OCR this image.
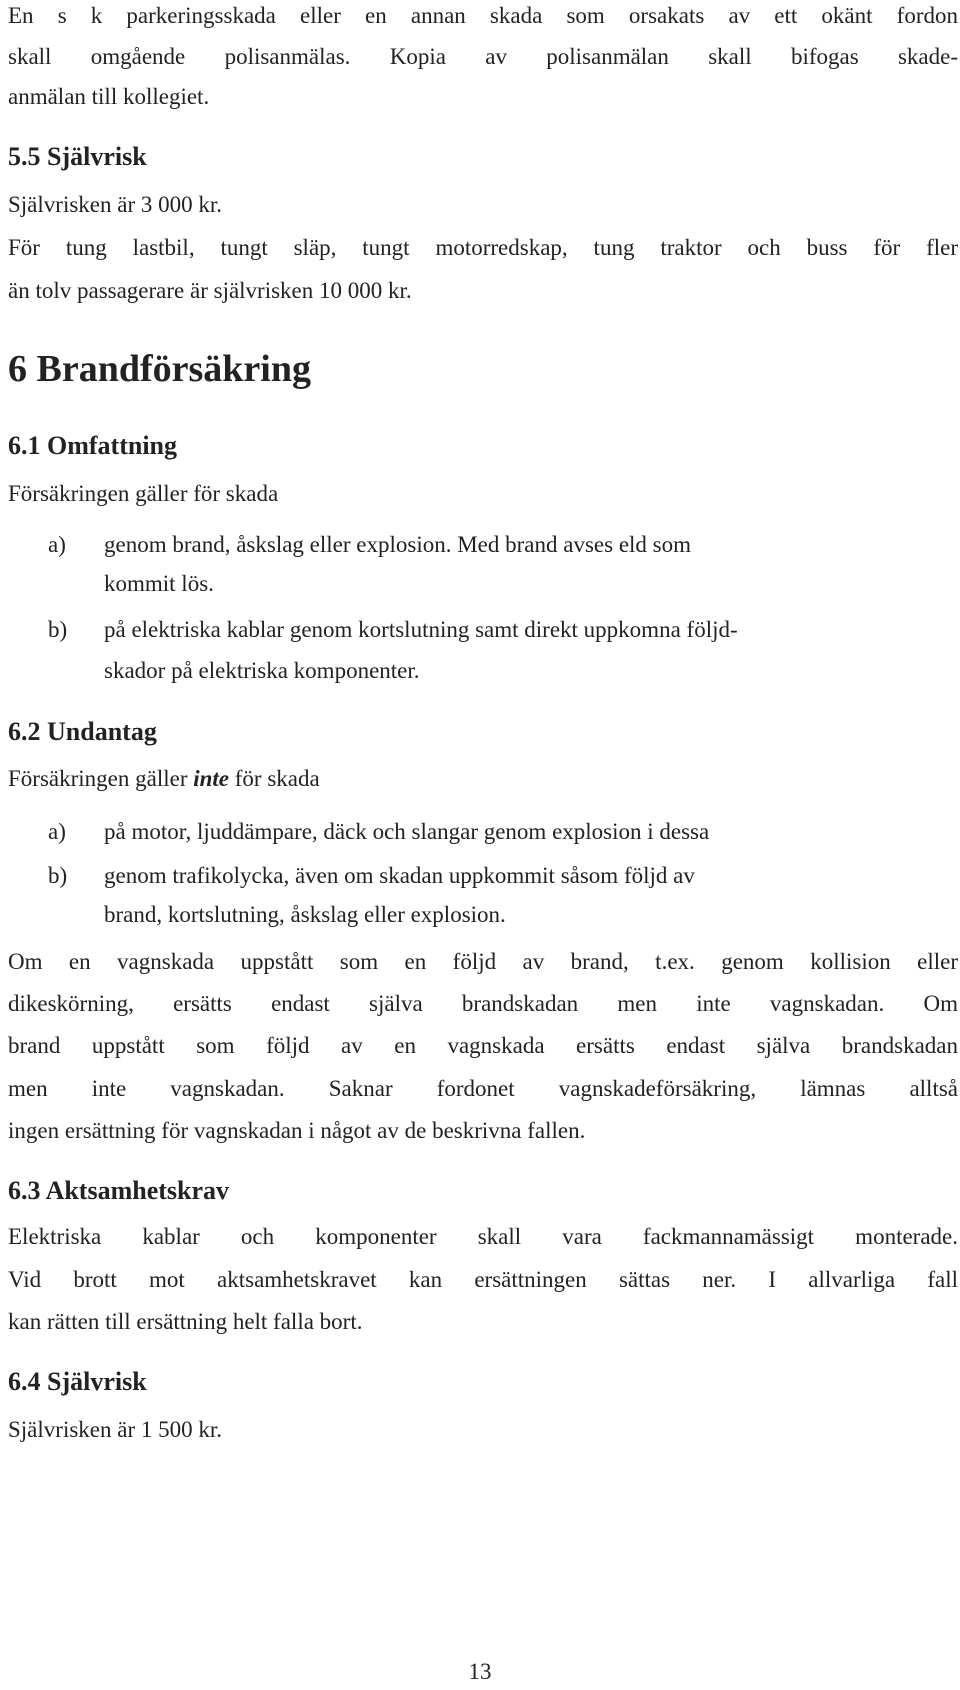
En s k parkeringsskada eller en annan skada som orsakats av ett okänt fordon
skall omgående polisanmälas. Kopia av polisanmälan skall bifogas skade-
anmälan till kollegiet.
5.5 Självrisk
Självrisken är 3 000 kr.
För tung lastbil, tungt släp, tungt motorredskap, tung traktor och buss för fler
än tolv passagerare är självrisken 10 000 kr.
6 Brandförsäkring
6.1 Omfattning
Försäkringen gäller för skada
a) genom brand, åskslag eller explosion. Med brand avses eld som
kommit lös.
b) på elektriska kablar genom kortslutning samt direkt uppkomna följd-
skador på elektriska komponenter.
6.2 Undantag
Försäkringen gäller inte för skada
a) på motor, ljuddämpare, däck och slangar genom explosion i dessa
b) genom trafikolycka, även om skadan uppkommit såsom följd av
brand, kortslutning, åskslag eller explosion.
Om en vagnskada uppstått som en följd av brand, t.ex. genom kollision eller
dikeskörning, ersätts endast själva brandskadan men inte vagnskadan. Om
brand uppstått som följd av en vagnskada ersätts endast själva brandskadan
men inte vagnskadan. Saknar fordonet vagnskadeförsäkring, lämnas alltså
ingen ersättning för vagnskadan i något av de beskrivna fallen.
6.3 Aktsamhetskrav
Elektriska kablar och komponenter skall vara fackmannamässigt monterade.
Vid brott mot aktsamhetskravet kan ersättningen sättas ner. I allvarliga fall
kan rätten till ersättning helt falla bort.
6.4 Självrisk
Självrisken är 1 500 kr.
13
